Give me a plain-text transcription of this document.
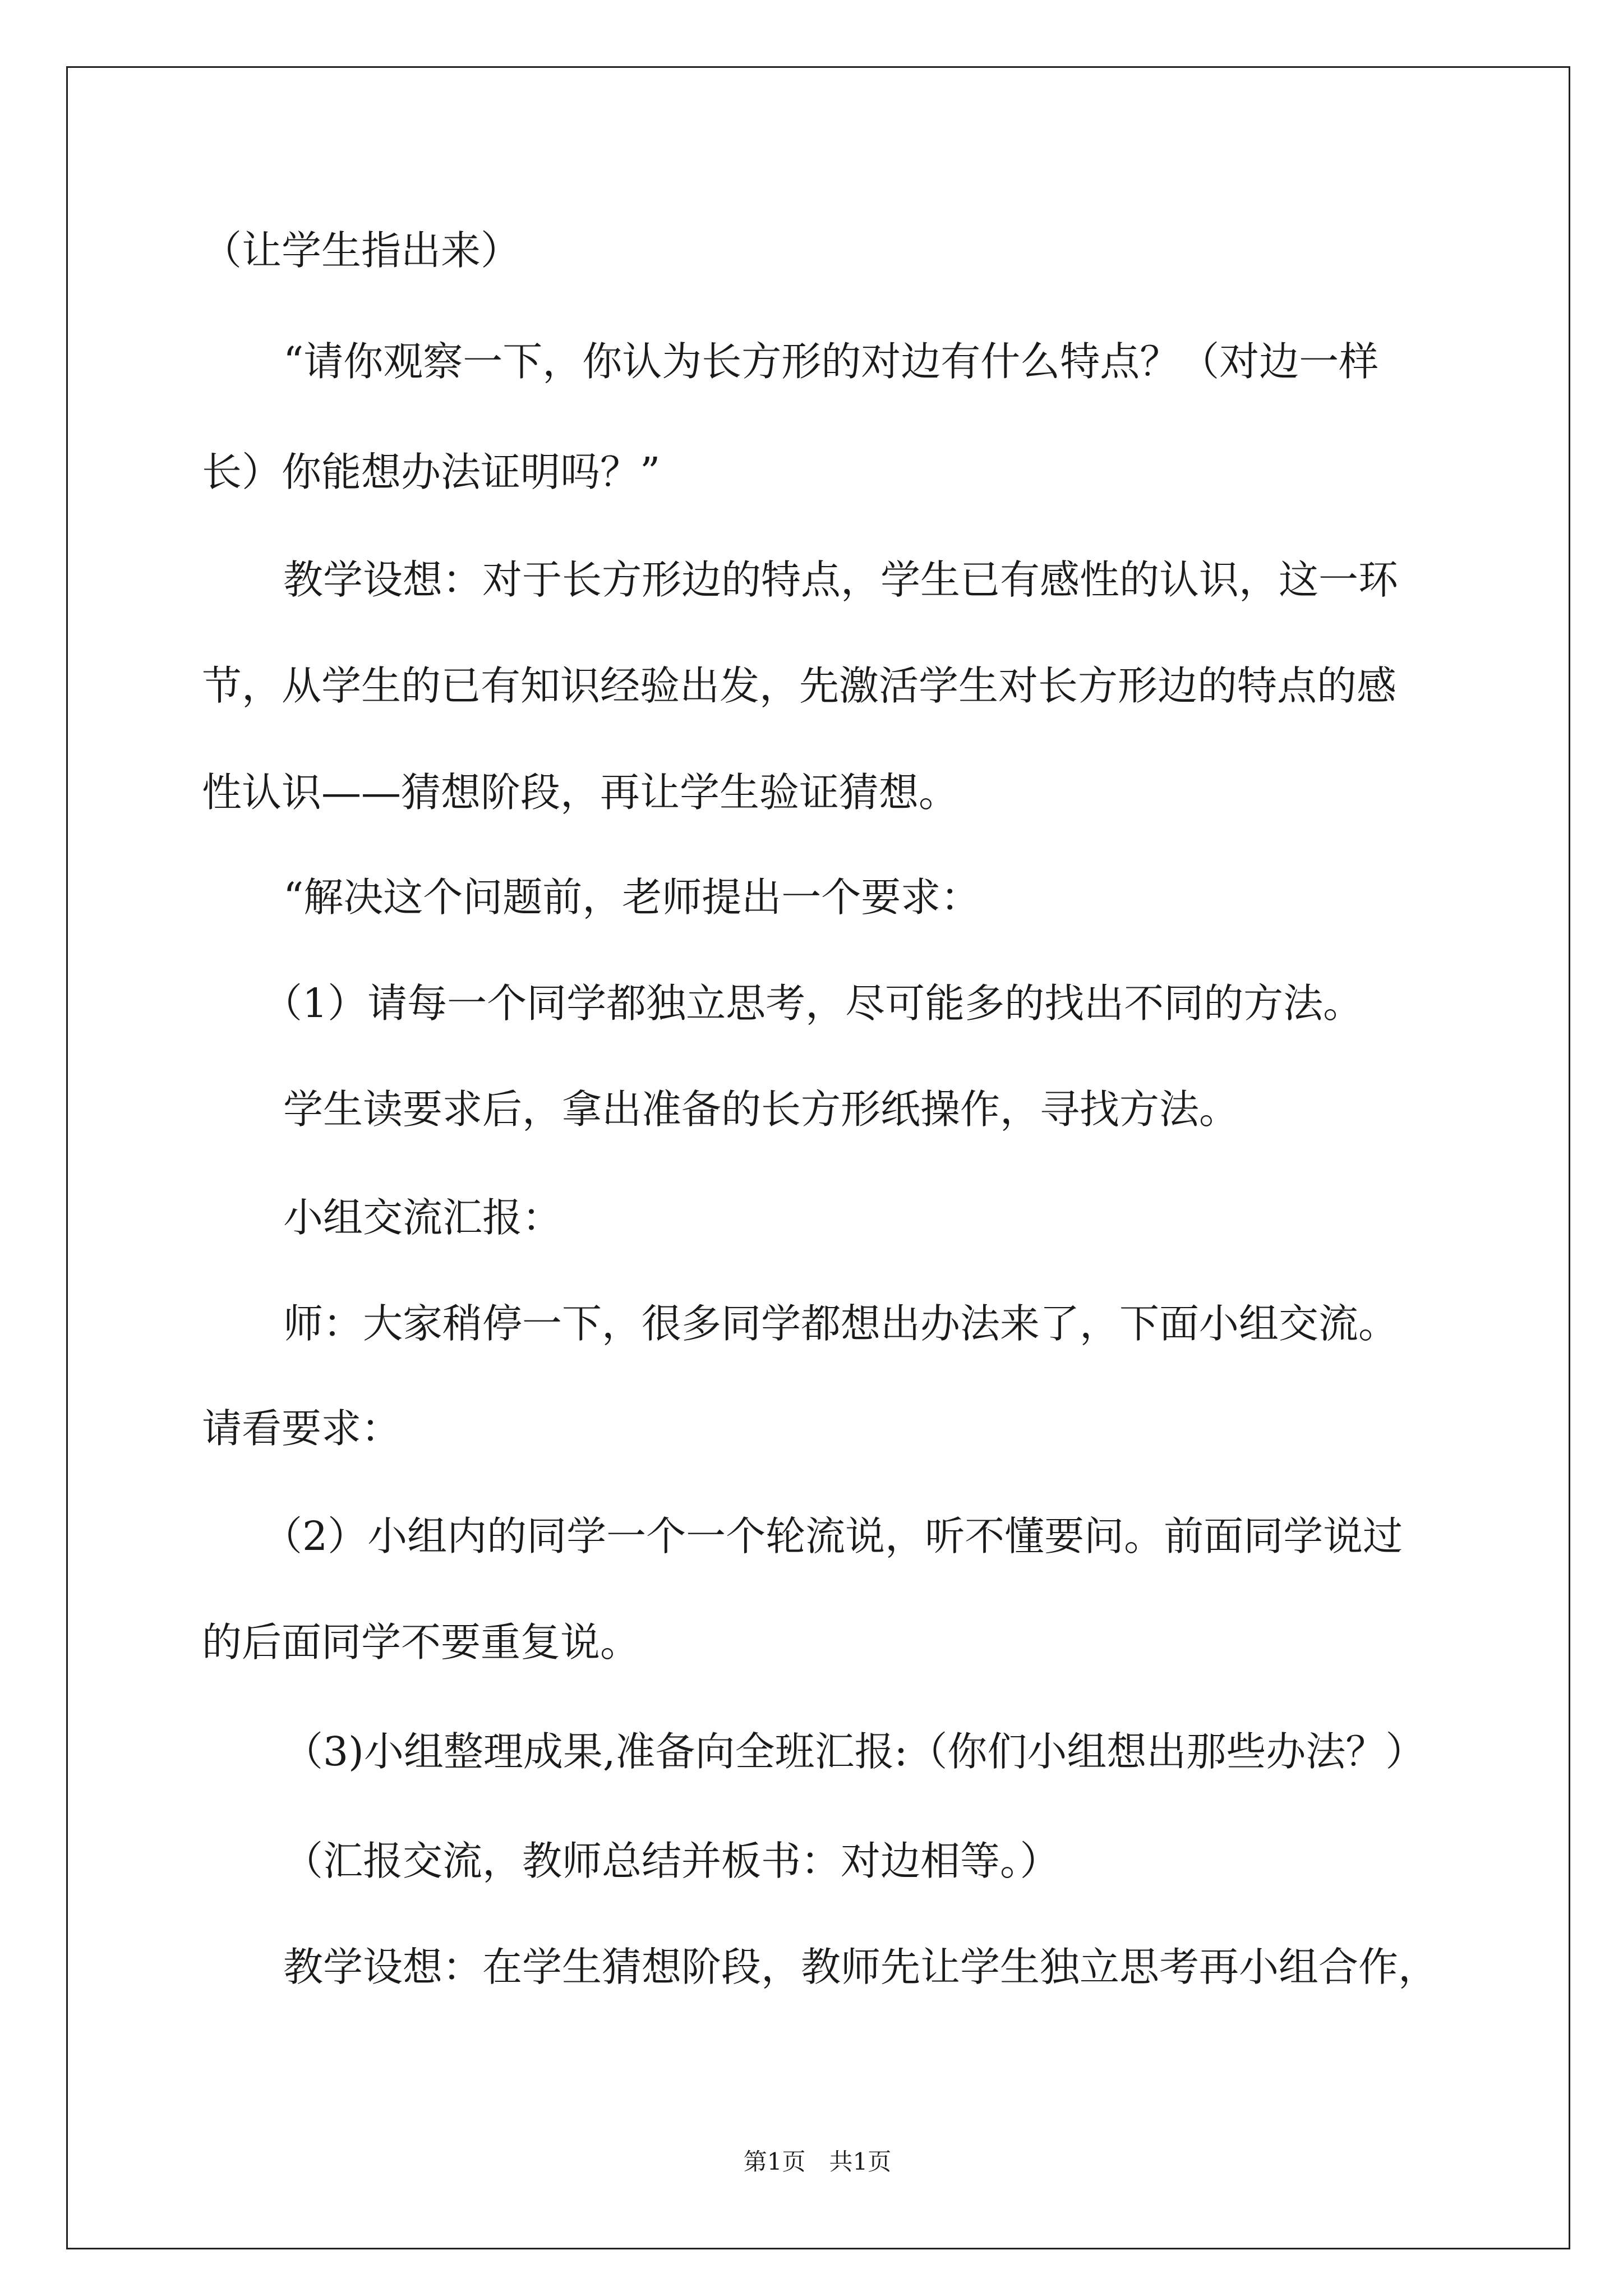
（让学生指出来）
“请你观察一下，你认为长方形的对边有什么特点？（对边一样
长）你能想办法证明吗？”
教学设想：对于长方形边的特点，学生已有感性的认识，这一环
节，从学生的已有知识经验出发，先激活学生对长方形边的特点的感
性认识——猜想阶段，再让学生验证猜想。
“解决这个问题前，老师提出一个要求：
（1）请每一个同学都独立思考，尽可能多的找出不同的方法。
学生读要求后，拿出准备的长方形纸操作，寻找方法。
小组交流汇报：
师：大家稍停一下，很多同学都想出办法来了，下面小组交流。
请看要求：
（2）小组内的同学一个一个轮流说，听不懂要问。前面同学说过
的后面同学不要重复说。
（3)小组整理成果,准备向全班汇报:（你们小组想出那些办法？）
（汇报交流，教师总结并板书：对边相等。）
教学设想：在学生猜想阶段，教师先让学生独立思考再小组合作，
第1页　共1页
